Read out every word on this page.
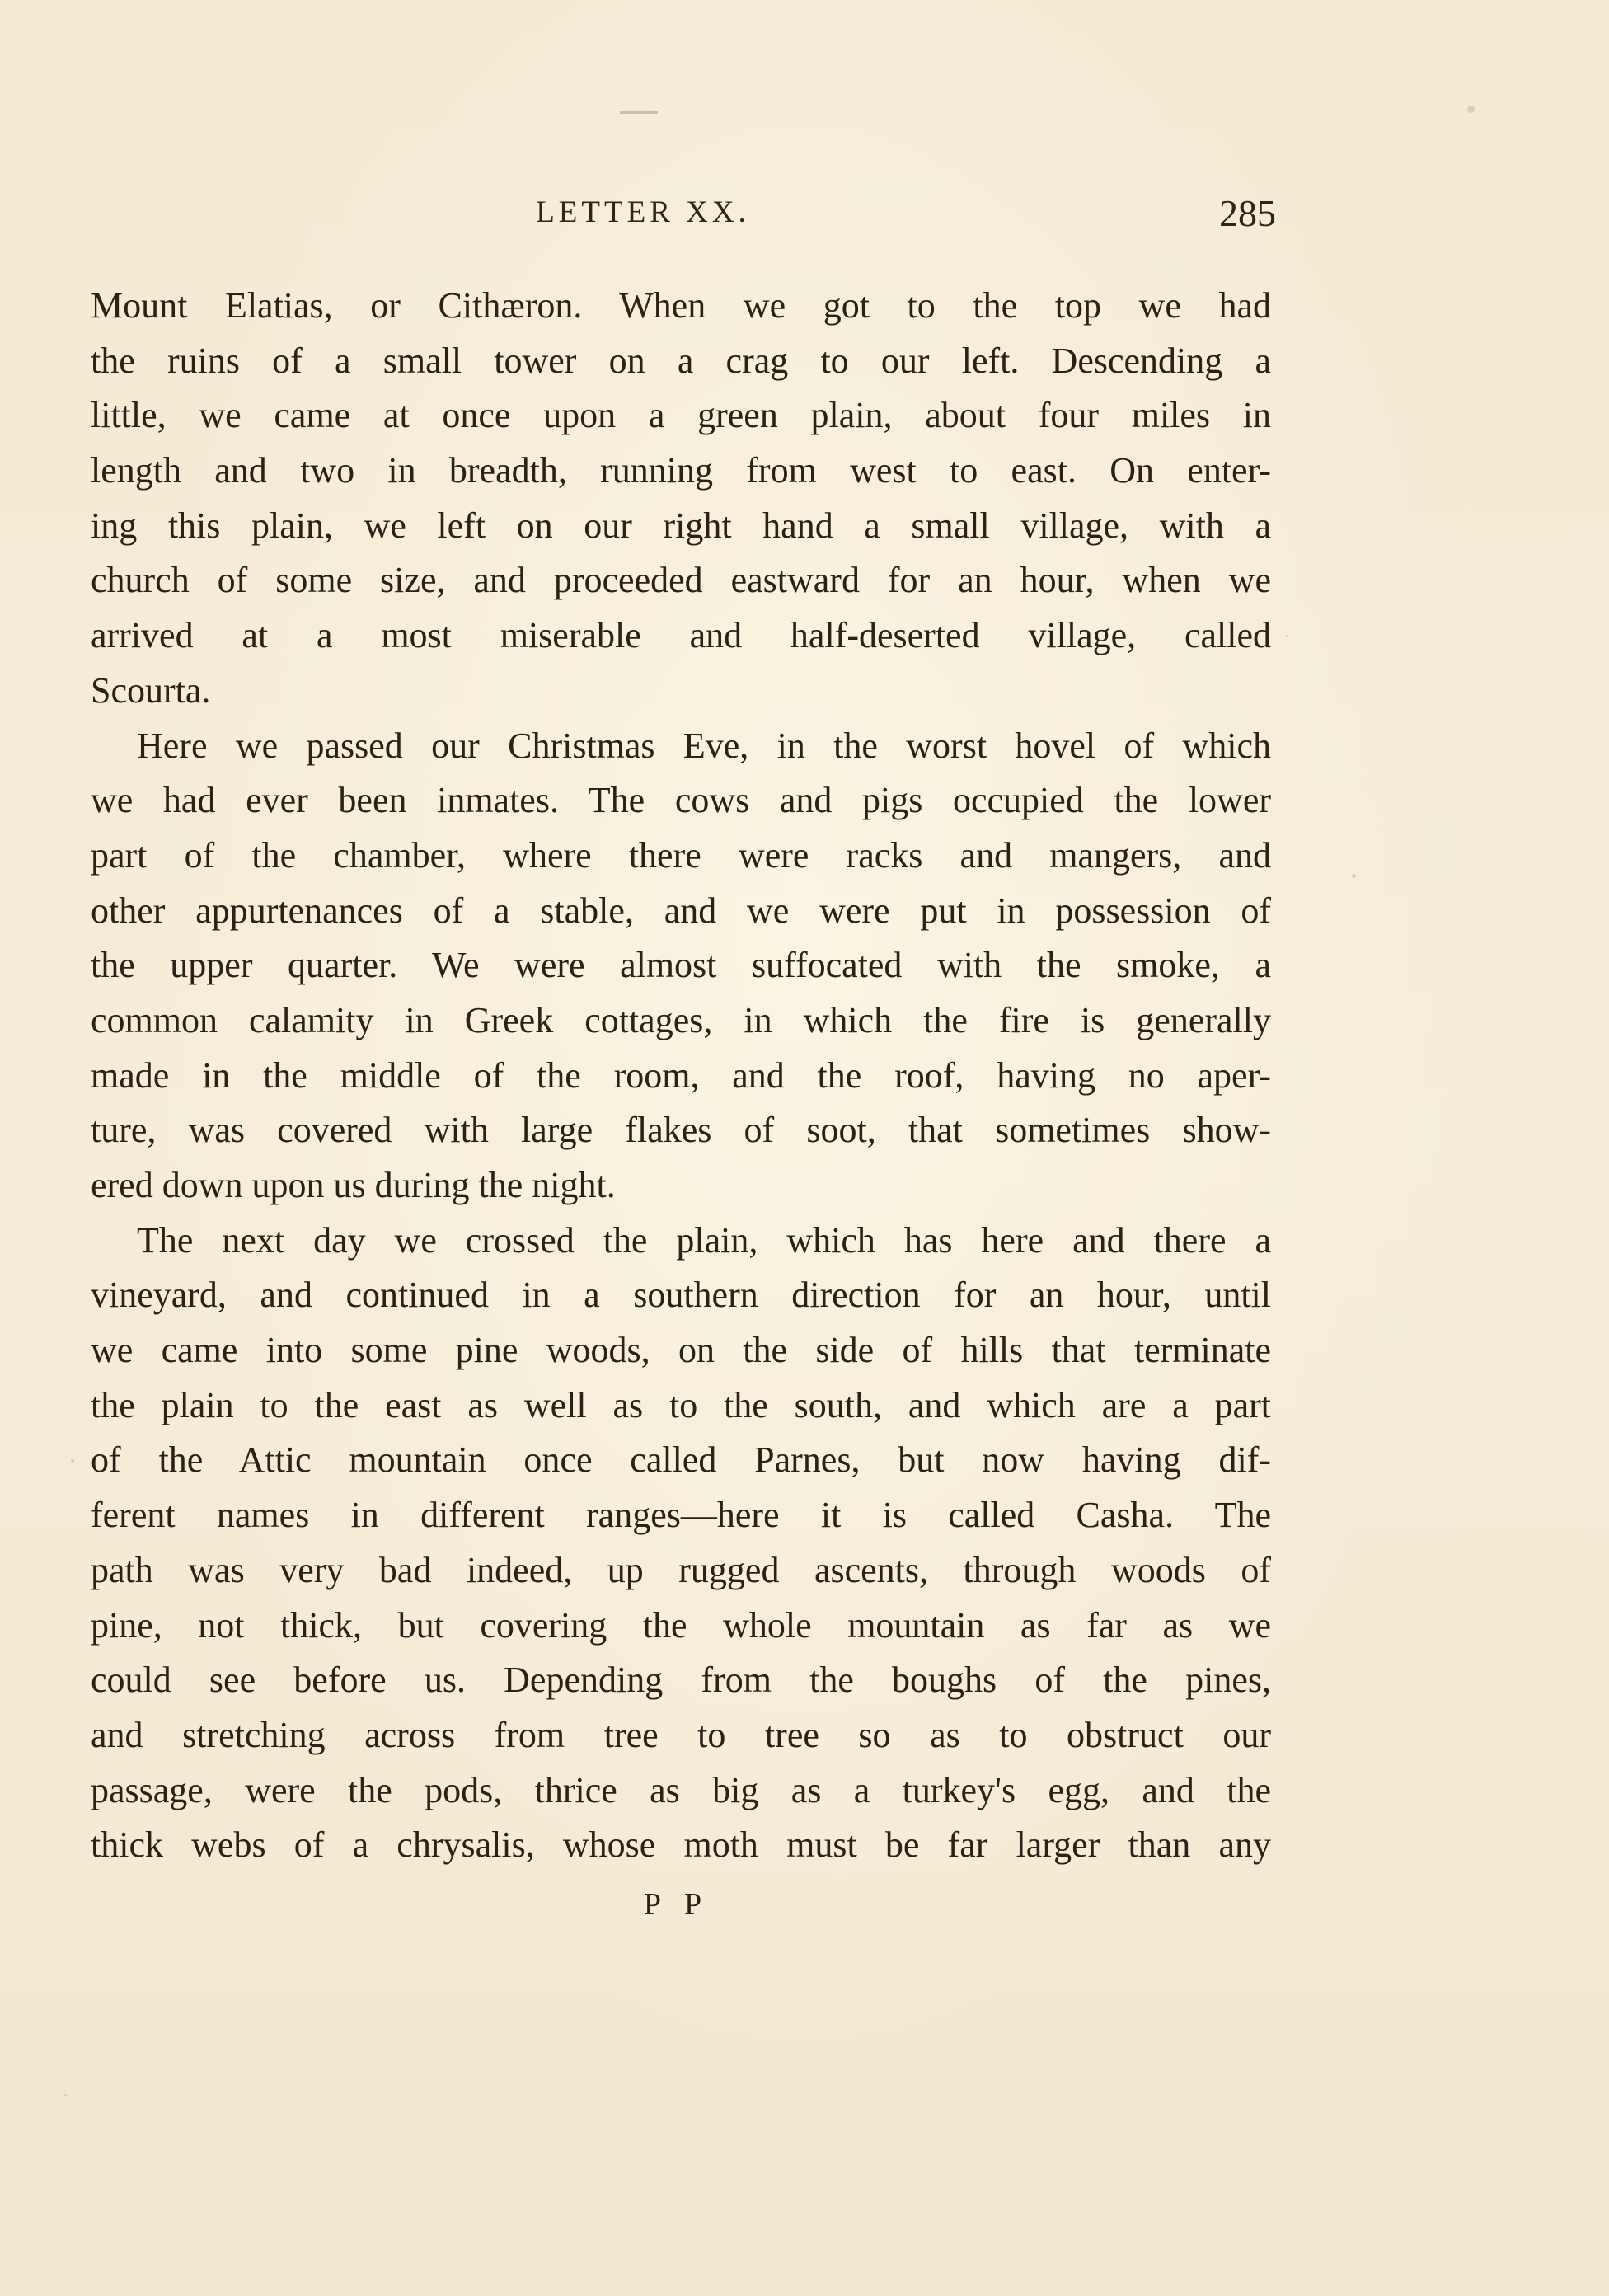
LETTER XX.	285
Mount Elatias, or Cithæron. When we got to the top we had
the ruins of a small tower on a crag to our left. Descending a
little, we came at once upon a green plain, about four miles in
length and two in breadth, running from west to east. On enter-
ing this plain, we left on our right hand a small village, with a
church of some size, and proceeded eastward for an hour, when we
arrived at a most miserable and half-deserted village, called
Scourta.
Here we passed our Christmas Eve, in the worst hovel of which
we had ever been inmates. The cows and pigs occupied the lower
part of the chamber, where there were racks and mangers, and
other appurtenances of a stable, and we were put in possession of
the upper quarter. We were almost suffocated with the smoke, a
common calamity in Greek cottages, in which the fire is generally
made in the middle of the room, and the roof, having no aper-
ture, was covered with large flakes of soot, that sometimes show-
ered down upon us during the night.
The next day we crossed the plain, which has here and there a
vineyard, and continued in a southern direction for an hour, until
we came into some pine woods, on the side of hills that terminate
the plain to the east as well as to the south, and which are a part
of the Attic mountain once called Parnes, but now having dif-
ferent names in different ranges—here it is called Casha. The
path was very bad indeed, up rugged ascents, through woods of
pine, not thick, but covering the whole mountain as far as we
could see before us. Depending from the boughs of the pines,
and stretching across from tree to tree so as to obstruct our
passage, were the pods, thrice as big as a turkey's egg, and the
thick webs of a chrysalis, whose moth must be far larger than any
P P
